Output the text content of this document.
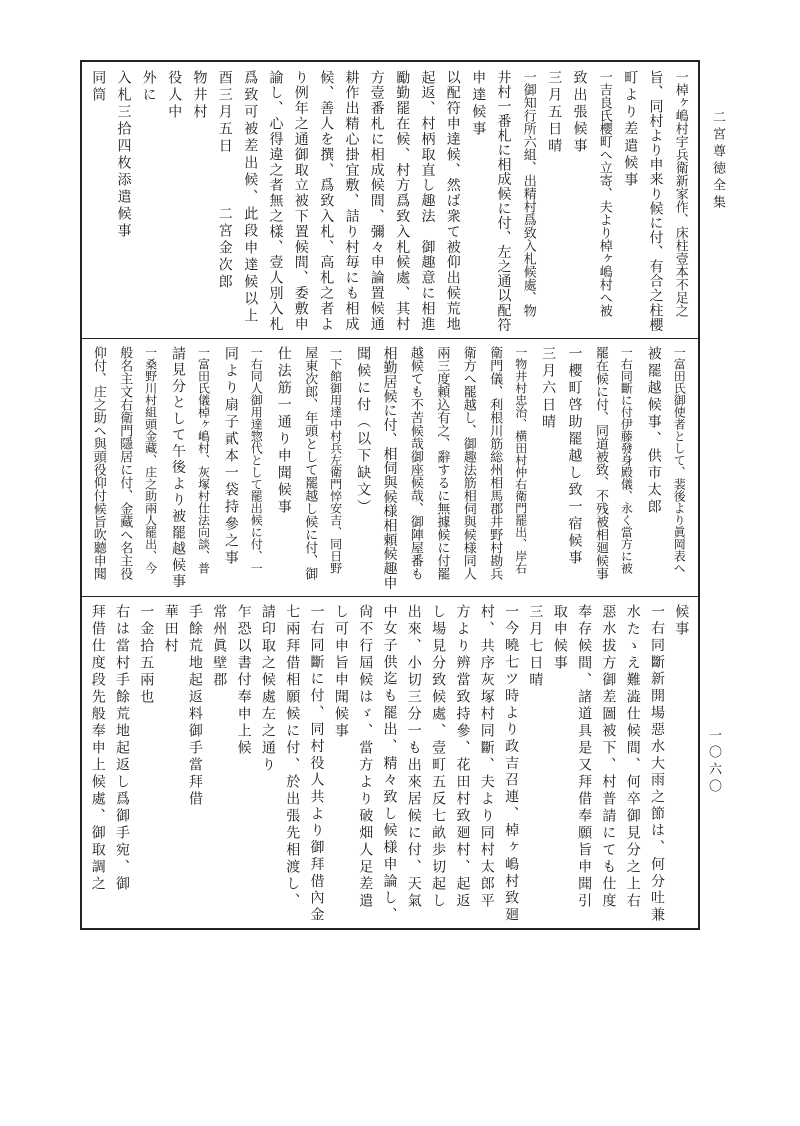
二宮尊徳全集
一〇六〇
一棹ヶ嶋村宇兵衛新家作、床柱壹本不足之
旨、同村より申来り候に付、有合之柱櫻
町より差遣候事
一吉良氏櫻町へ立寄、夫より棹ヶ嶋村へ被
致出張候事
三月五日晴
一御知行所六組、出精村爲致入札候處、物
井村一番札に相成候に付、左之通以配符
申達候事
以配符申達候、然ば衆て被仰出候荒地
起返、村柄取直し趣法　御趣意に相進
勵勤罷在候、村方爲致入札候處、其村
方壹番札に相成候間、彌々申論置候通
耕作出精心掛宜敷、詰り村毎にも相成
候、善人を撰、爲致入札、高札之者よ
り例年之通御取立被下置候間、委敷申
諭し、心得違之者無之樣、壹人別入札
爲致可被差出候、此段申達候以上
酉三月五日　　　二宮金次郎
物井村
役人中
外に
入札三拾四枚添遣候事
同筒
一富田氏御使者として、裴後より眞岡表へ
被罷越候事、供市太郎
一右同斷に付伊藤發身殿儀、永く當方に被
罷在候に付、同道被致、不残被相廻候事
一櫻町啓助罷越し致一宿候事
三月六日晴
一物井村忠治、横田村仲右衛門罷出、岸右
衛門儀、利根川筋総州相馬郡井野村勘兵
衛方へ罷越し、御趣法筋相伺與候様同人
兩三度頼込有之、辭するに無據候に付罷
越候ても不苦候哉御座候哉、御陣屋番も
相勤居候に付、相伺與候様相頼候趣申
聞候に付（以下缺文）
一下館御用達中村兵左衛門悴安吉、同日野
屋東次郎、年頭として罷越し候に付、御
仕法筋一通り申聞候事
一右同人御用達惣代として罷出候に付、一
同より扇子貳本一袋持參之事
一富田氏儀棹ヶ嶋村、灰塚村仕法向談、普
請見分として午後より被罷越候事
一桑野川村組頭金藏、庄之助兩人罷出、今
般名主文右衛門隱居に付、金藏へ名主役
仰付、庄之助へ與頭役仰付候旨吹聽申聞
候事
一右同斷新開場惡水大雨之節は、何分吐兼
水たゝえ難澁仕候間、何卒御見分之上右
惡水拔方御差圖被下、村普請にても仕度
奉存候間、諸道具是又拜借奉願旨申聞引
取申候事
三月七日晴
一今曉七ツ時より政吉召連、棹ヶ嶋村致廻
村、共序灰塚村同斷、夫より同村太郎平
方より辨當致持參、花田村致廻村、起返
し場見分致候處、壹町五反七畝歩切起し
出來、小切三分一も出來居候に付、天氣
中女子供迄も罷出、精々致し候様申論し、
尙不行屆候はゞ、當方より破畑人足差遣
し可申旨申聞候事
一右同斷に付、同村役人共より御拜借內金
七兩拜借相願候に付、於出張先相渡し、
請印取之候處左之通り
乍恐以書付奉申上候
常州眞壁郡
手餘荒地起返料御手當拜借
華田村
一金拾五兩也
右は當村手餘荒地起返し爲御手宛、御
拜借仕度段先般奉申上候處、御取調之
